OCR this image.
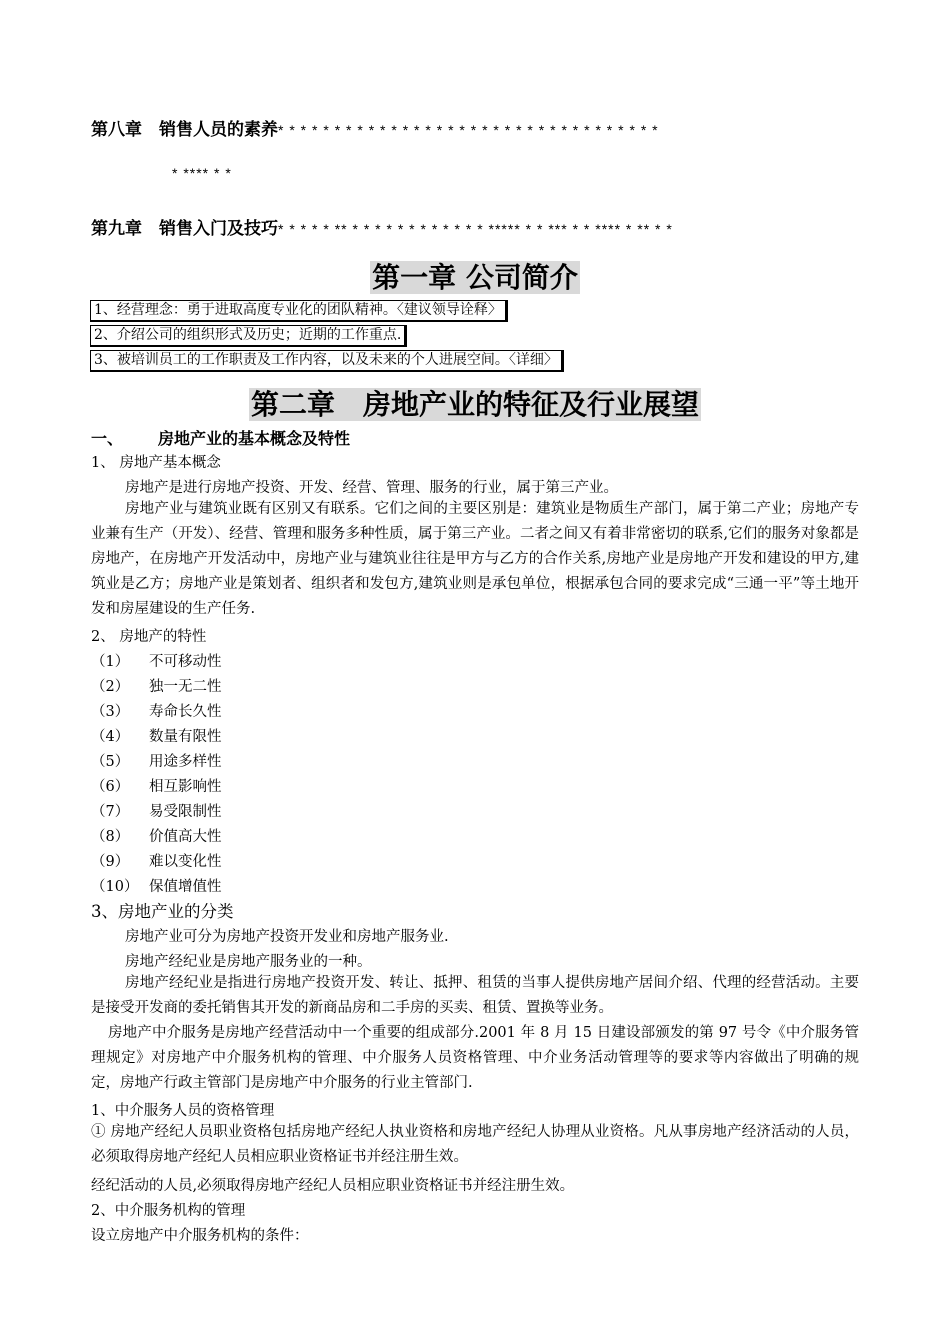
第八章　销售人员的素养* * * * * * * * * * * * * * * * * * * * * * * * * * * * * * * * * *
* **** * *
第九章　销售入门及技巧* * * * * ** * * * * * * * * * * * * ***** * * *** * * **** * ** * *
第一章 公司简介
1、经营理念：勇于进取高度专业化的团队精神。〈建议领导诠释〉
2、介绍公司的组织形式及历史；近期的工作重点.
3、被培训员工的工作职责及工作内容，以及未来的个人进展空间。〈详细〉
第二章　房地产业的特征及行业展望
一、 房地产业的基本概念及特性
1、 房地产基本概念
房地产是进行房地产投资、开发、经营、管理、服务的行业，属于第三产业。
房地产业与建筑业既有区别又有联系。它们之间的主要区别是：建筑业是物质生产部门，属于第二产业；房地产专业兼有生产（开发）、经营、管理和服务多种性质，属于第三产业。二者之间又有着非常密切的联系,它们的服务对象都是房地产，在房地产开发活动中，房地产业与建筑业往往是甲方与乙方的合作关系,房地产业是房地产开发和建设的甲方,建筑业是乙方；房地产业是策划者、组织者和发包方,建筑业则是承包单位，根据承包合同的要求完成“三通一平”等土地开发和房屋建设的生产任务.
2、 房地产的特性
（1） 不可移动性
（2） 独一无二性
（3） 寿命长久性
（4） 数量有限性
（5） 用途多样性
（6） 相互影响性
（7） 易受限制性
（8） 价值高大性
（9） 难以变化性
（10） 保值增值性
3、房地产业的分类
房地产业可分为房地产投资开发业和房地产服务业.
房地产经纪业是房地产服务业的一种。
房地产经纪业是指进行房地产投资开发、转让、抵押、租赁的当事人提供房地产居间介绍、代理的经营活动。主要是接受开发商的委托销售其开发的新商品房和二手房的买卖、租赁、置换等业务。
房地产中介服务是房地产经营活动中一个重要的组成部分.2001 年 8 月 15 日建设部颁发的第 97 号令《中介服务管理规定》对房地产中介服务机构的管理、中介服务人员资格管理、中介业务活动管理等的要求等内容做出了明确的规定，房地产行政主管部门是房地产中介服务的行业主管部门.
1、中介服务人员的资格管理
① 房地产经纪人员职业资格包括房地产经纪人执业资格和房地产经纪人协理从业资格。凡从事房地产经济活动的人员，必须取得房地产经纪人员相应职业资格证书并经注册生效。
经纪活动的人员,必须取得房地产经纪人员相应职业资格证书并经注册生效。
2、中介服务机构的管理
设立房地产中介服务机构的条件：
